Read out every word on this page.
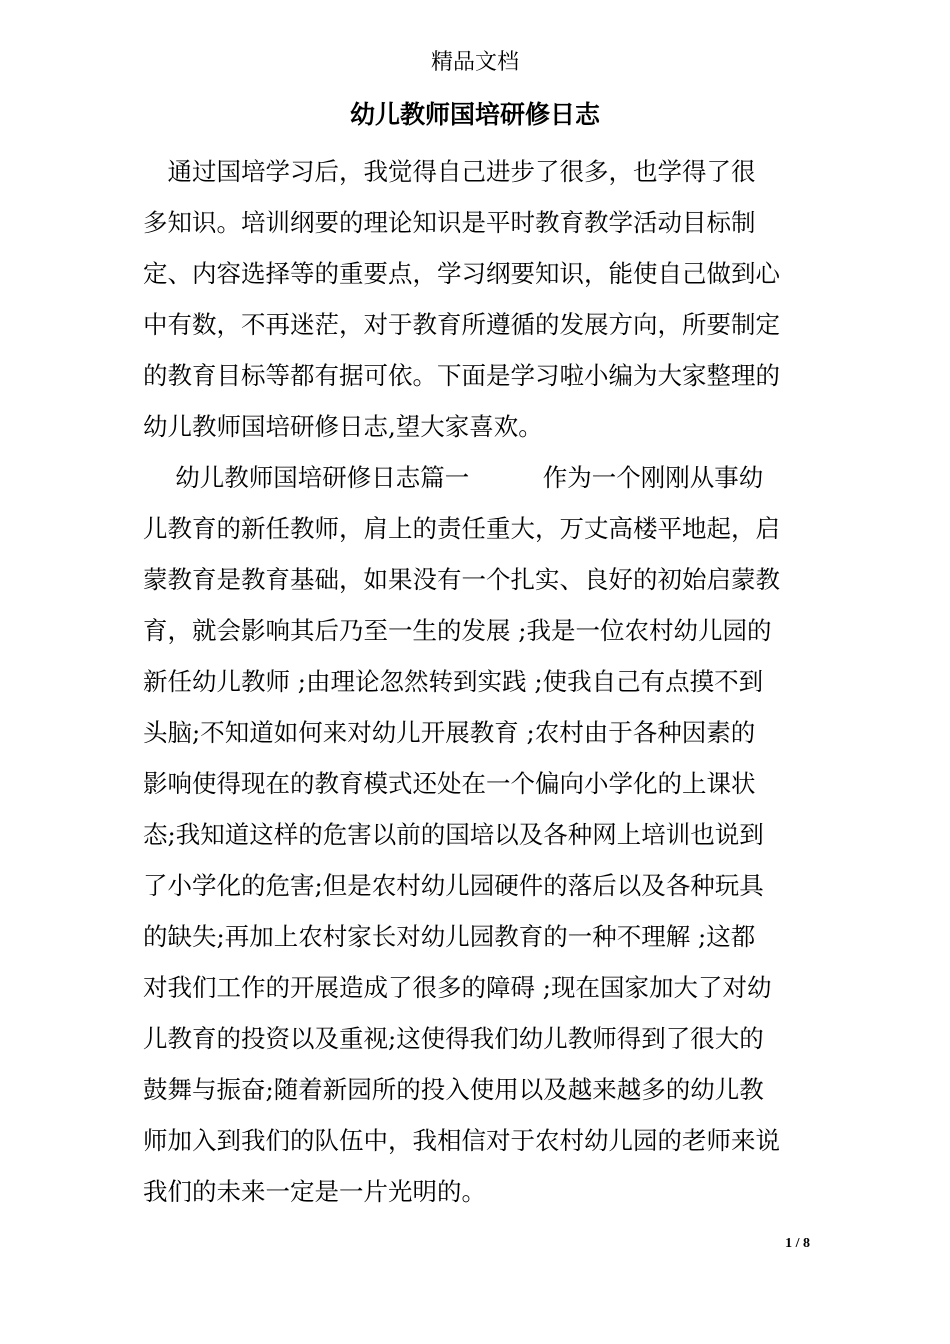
精品文档
幼儿教师国培研修日志
　通过国培学习后，我觉得自己进步了很多，也学得了很
多知识。培训纲要的理论知识是平时教育教学活动目标制
定、内容选择等的重要点，学习纲要知识，能使自己做到心
中有数，不再迷茫，对于教育所遵循的发展方向，所要制定
的教育目标等都有据可依。下面是学习啦小编为大家整理的
幼儿教师国培研修日志,望大家喜欢。
　 幼儿教师国培研修日志篇一　　　作为一个刚刚从事幼
儿教育的新任教师，肩上的责任重大，万丈高楼平地起，启
蒙教育是教育基础，如果没有一个扎实、良好的初始启蒙教
育，就会影响其后乃至一生的发展 ;我是一位农村幼儿园的
新任幼儿教师 ;由理论忽然转到实践 ;使我自己有点摸不到
头脑;不知道如何来对幼儿开展教育 ;农村由于各种因素的
影响使得现在的教育模式还处在一个偏向小学化的上课状
态;我知道这样的危害以前的国培以及各种网上培训也说到
了小学化的危害;但是农村幼儿园硬件的落后以及各种玩具
的缺失;再加上农村家长对幼儿园教育的一种不理解 ;这都
对我们工作的开展造成了很多的障碍 ;现在国家加大了对幼
儿教育的投资以及重视;这使得我们幼儿教师得到了很大的
鼓舞与振奋;随着新园所的投入使用以及越来越多的幼儿教
师加入到我们的队伍中，我相信对于农村幼儿园的老师来说
我们的未来一定是一片光明的。
1 / 8
